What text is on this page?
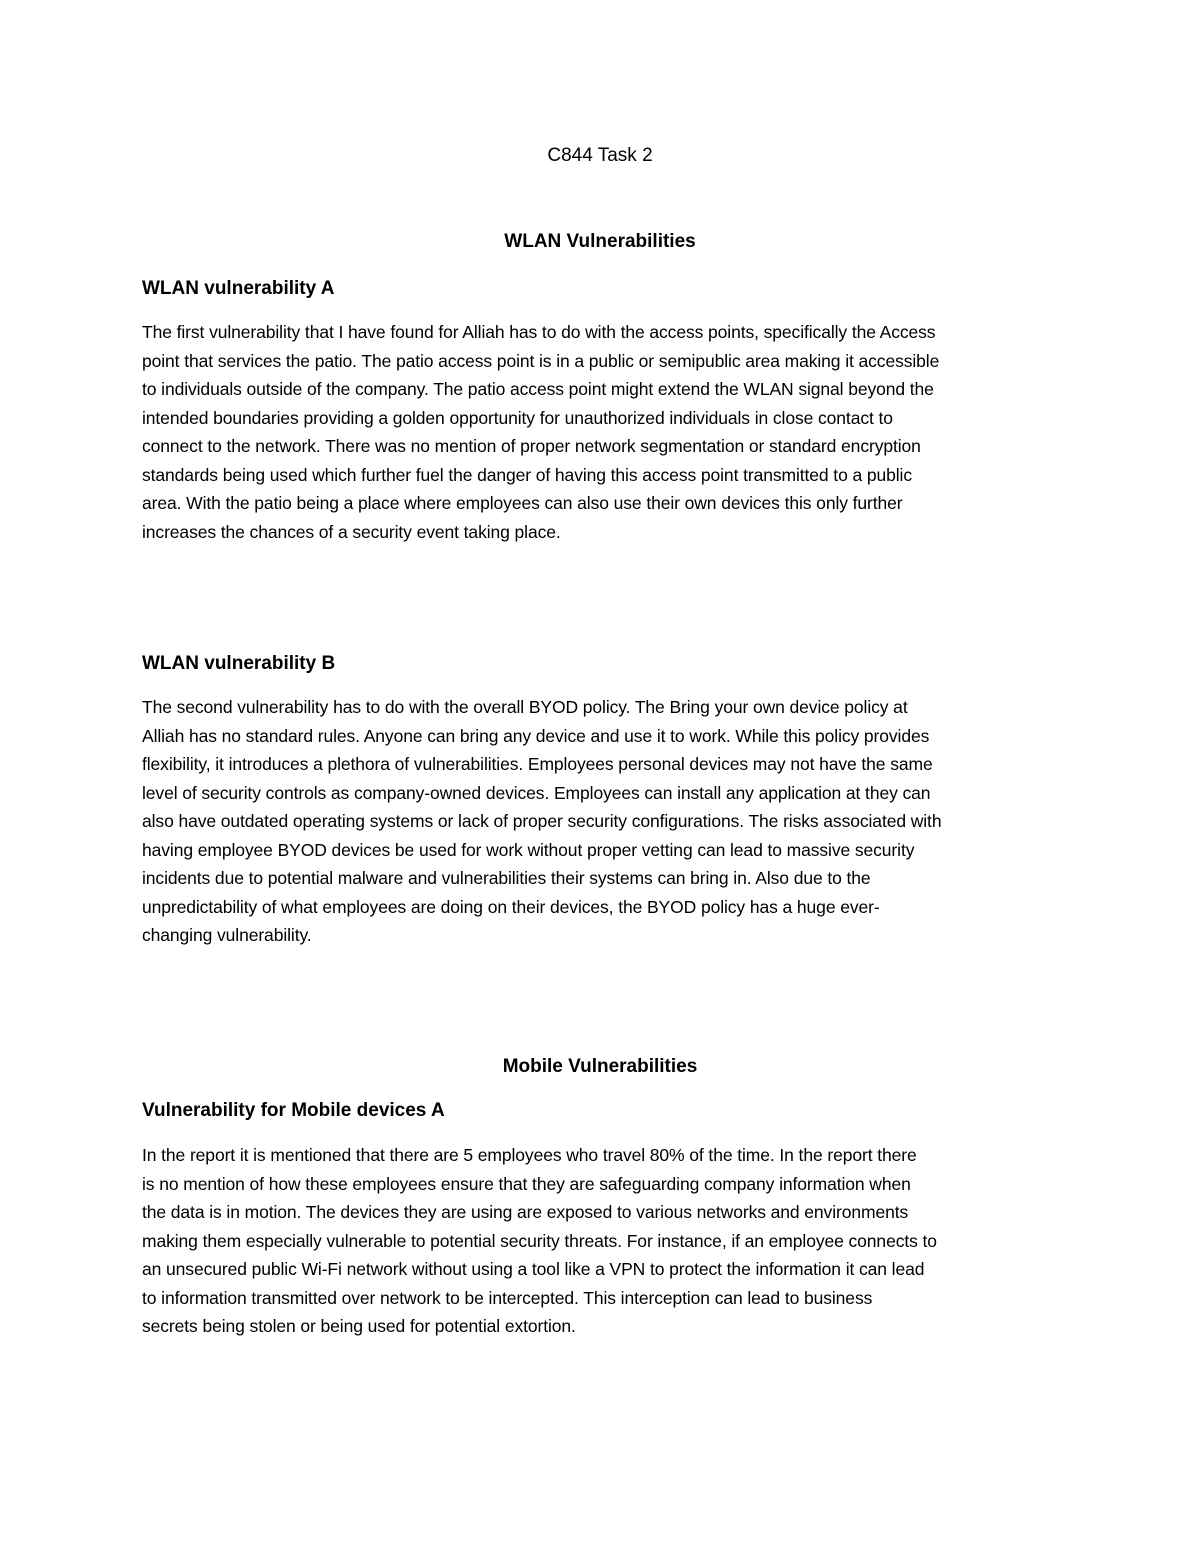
C844 Task 2
WLAN Vulnerabilities
WLAN vulnerability A

The first vulnerability that I have found for Alliah has to do with the access points, specifically the Access
point that services the patio. The patio access point is in a public or semipublic area making it accessible
to individuals outside of the company. The patio access point might extend the WLAN signal beyond the
intended boundaries providing a golden opportunity for unauthorized individuals in close contact to
connect to the network. There was no mention of proper network segmentation or standard encryption
standards being used which further fuel the danger of having this access point transmitted to a public
area. With the patio being a place where employees can also use their own devices this only further
increases the chances of a security event taking place.

WLAN vulnerability B

The second vulnerability has to do with the overall BYOD policy. The Bring your own device policy at
Alliah has no standard rules. Anyone can bring any device and use it to work. While this policy provides
flexibility, it introduces a plethora of vulnerabilities. Employees personal devices may not have the same
level of security controls as company-owned devices. Employees can install any application at they can
also have outdated operating systems or lack of proper security configurations. The risks associated with
having employee BYOD devices be used for work without proper vetting can lead to massive security
incidents due to potential malware and vulnerabilities their systems can bring in. Also due to the
unpredictability of what employees are doing on their devices, the BYOD policy has a huge ever-
changing vulnerability.

Mobile Vulnerabilities
Vulnerability for Mobile devices A

In the report it is mentioned that there are 5 employees who travel 80% of the time. In the report there
is no mention of how these employees ensure that they are safeguarding company information when
the data is in motion. The devices they are using are exposed to various networks and environments
making them especially vulnerable to potential security threats. For instance, if an employee connects to
an unsecured public Wi-Fi network without using a tool like a VPN to protect the information it can lead
to information transmitted over network to be intercepted. This interception can lead to business
secrets being stolen or being used for potential extortion.
